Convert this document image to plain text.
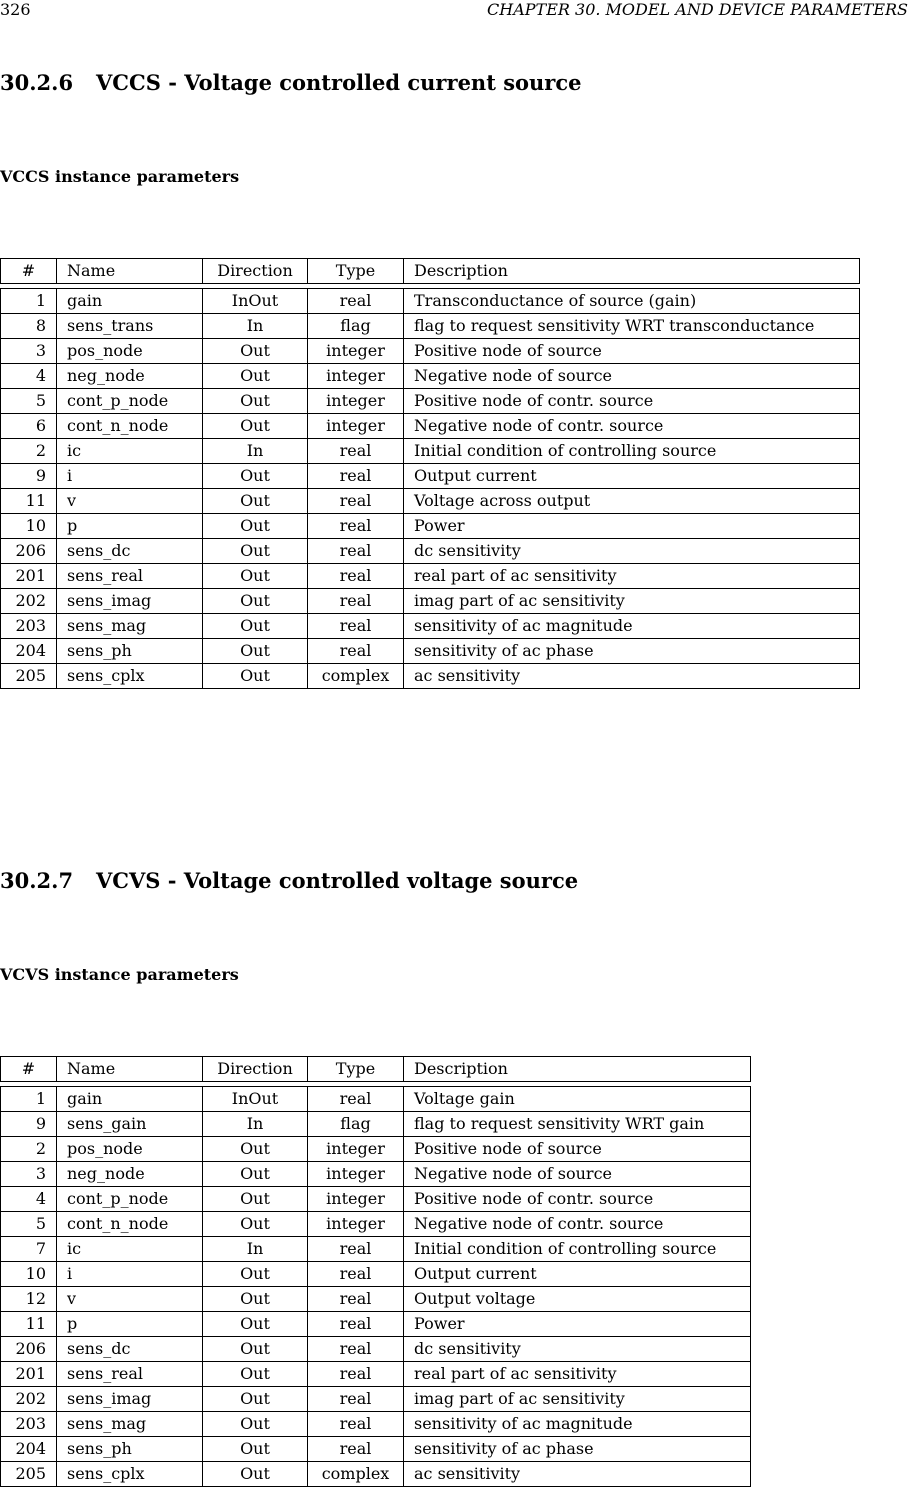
326	CHAPTER 30. MODEL AND DEVICE PARAMETERS
30.2.6 VCCS - Voltage controlled current source
VCCS instance parameters
#	Name	Direction	Type	Description

1	gain	InOut	real	Transconductance of source (gain)
8	sens_trans	In	flag	flag to request sensitivity WRT transconductance
3	pos_node	Out	integer	Positive node of source
4	neg_node	Out	integer	Negative node of source
5	cont_p_node	Out	integer	Positive node of contr. source
6	cont_n_node	Out	integer	Negative node of contr. source
2	ic	In	real	Initial condition of controlling source
9	i	Out	real	Output current
11	v	Out	real	Voltage across output
10	p	Out	real	Power
206	sens_dc	Out	real	dc sensitivity
201	sens_real	Out	real	real part of ac sensitivity
202	sens_imag	Out	real	imag part of ac sensitivity
203	sens_mag	Out	real	sensitivity of ac magnitude
204	sens_ph	Out	real	sensitivity of ac phase
205	sens_cplx	Out	complex	ac sensitivity
30.2.7 VCVS - Voltage controlled voltage source
VCVS instance parameters
#	Name	Direction	Type	Description

1	gain	InOut	real	Voltage gain
9	sens_gain	In	flag	flag to request sensitivity WRT gain
2	pos_node	Out	integer	Positive node of source
3	neg_node	Out	integer	Negative node of source
4	cont_p_node	Out	integer	Positive node of contr. source
5	cont_n_node	Out	integer	Negative node of contr. source
7	ic	In	real	Initial condition of controlling source
10	i	Out	real	Output current
12	v	Out	real	Output voltage
11	p	Out	real	Power
206	sens_dc	Out	real	dc sensitivity
201	sens_real	Out	real	real part of ac sensitivity
202	sens_imag	Out	real	imag part of ac sensitivity
203	sens_mag	Out	real	sensitivity of ac magnitude
204	sens_ph	Out	real	sensitivity of ac phase
205	sens_cplx	Out	complex	ac sensitivity
